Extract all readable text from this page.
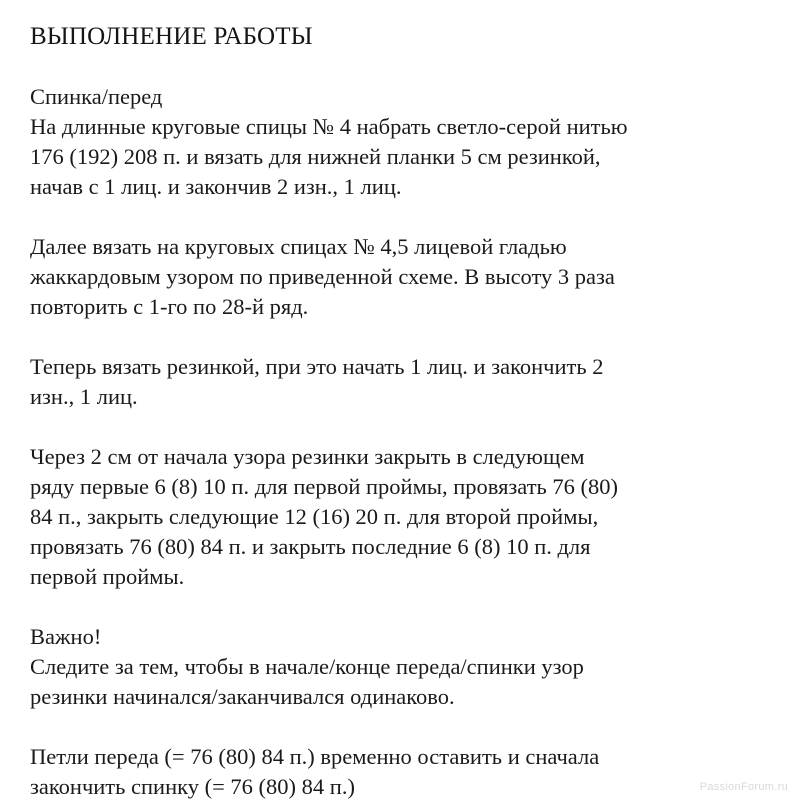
ВЫПОЛНЕНИЕ РАБОТЫ

Спинка/перед

На длинные круговые спицы № 4 набрать светло-серой нитью

176 (192) 208 п. и вязать для нижней планки 5 см резинкой,

начав с 1 лиц. и закончив 2 изн., 1 лиц.

Далее вязать на круговых спицах № 4,5 лицевой гладью

жаккардовым узором по приведенной схеме. В высоту 3 раза

повторить с 1-го по 28-й ряд.

Теперь вязать резинкой, при это начать 1 лиц. и закончить 2

изн., 1 лиц.

Через 2 см от начала узора резинки закрыть в следующем

ряду первые 6 (8) 10 п. для первой проймы, провязать 76 (80)

84 п., закрыть следующие 12 (16) 20 п. для второй проймы,

провязать 76 (80) 84 п. и закрыть последние 6 (8) 10 п. для

первой проймы.

Важно!

Следите за тем, чтобы в начале/конце переда/спинки узор

резинки начинался/заканчивался одинаково.

Петли переда (= 76 (80) 84 п.) временно оставить и сначала

закончить спинку (= 76 (80) 84 п.)	PassionForum.ru
